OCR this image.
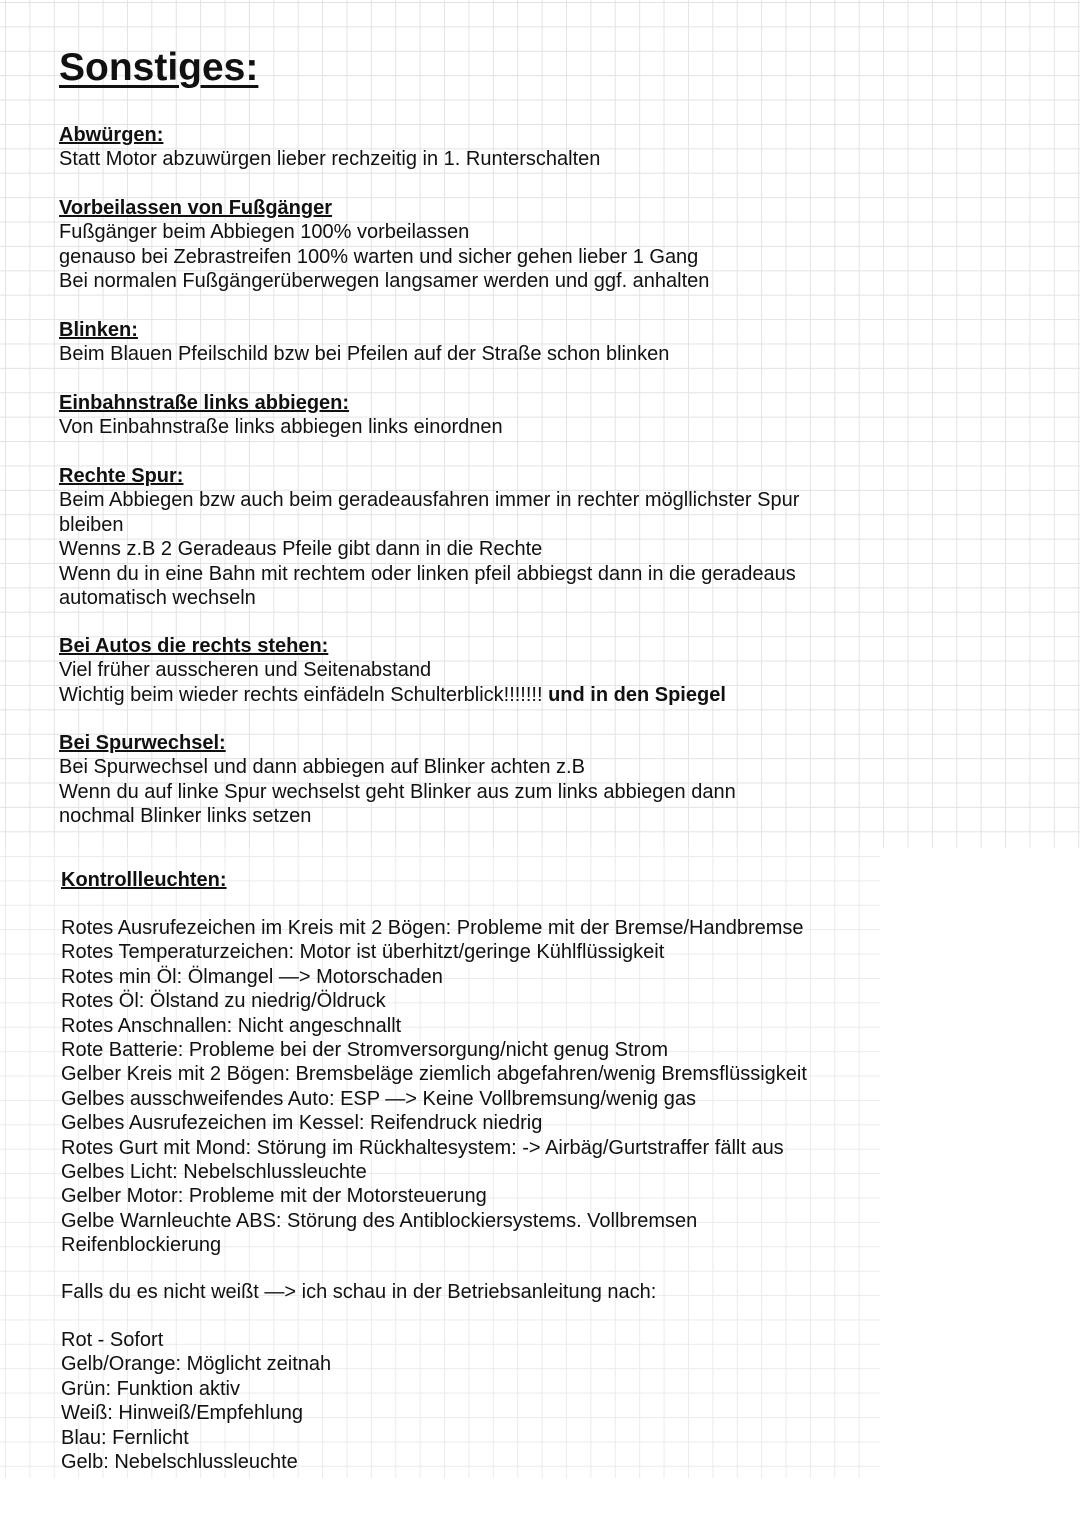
Sonstiges:
Abwürgen:
Statt Motor abzuwürgen lieber rechzeitig in 1. Runterschalten
Vorbeilassen von Fußgänger
Fußgänger beim Abbiegen 100% vorbeilassen
genauso bei Zebrastreifen 100% warten und sicher gehen lieber 1 Gang
Bei normalen Fußgängerüberwegen langsamer werden und ggf. anhalten
Blinken:
Beim Blauen Pfeilschild bzw bei Pfeilen auf der Straße schon blinken
Einbahnstraße links abbiegen:
Von Einbahnstraße links abbiegen links einordnen
Rechte Spur:
Beim Abbiegen bzw auch beim geradeausfahren immer in rechter mögllichster Spur
bleiben
Wenns z.B 2 Geradeaus Pfeile gibt dann in die Rechte
Wenn du in eine Bahn mit rechtem oder linken pfeil abbiegst dann in die geradeaus
automatisch wechseln
Bei Autos die rechts stehen:
Viel früher ausscheren und Seitenabstand
Wichtig beim wieder rechts einfädeln Schulterblick!!!!!!! und in den Spiegel
Bei Spurwechsel:
Bei Spurwechsel und dann abbiegen auf Blinker achten z.B
Wenn du auf linke Spur wechselst geht Blinker aus zum links abbiegen dann
nochmal Blinker links setzen
Kontrollleuchten:
Rotes Ausrufezeichen im Kreis mit 2 Bögen: Probleme mit der Bremse/Handbremse
Rotes Temperaturzeichen: Motor ist überhitzt/geringe Kühlflüssigkeit
Rotes min Öl: Ölmangel —> Motorschaden
Rotes Öl: Ölstand zu niedrig/Öldruck
Rotes Anschnallen: Nicht angeschnallt
Rote Batterie: Probleme bei der Stromversorgung/nicht genug Strom
Gelber Kreis mit 2 Bögen: Bremsbeläge ziemlich abgefahren/wenig Bremsflüssigkeit
Gelbes ausschweifendes Auto: ESP —> Keine Vollbremsung/wenig gas
Gelbes Ausrufezeichen im Kessel: Reifendruck niedrig
Rotes Gurt mit Mond: Störung im Rückhaltesystem: -> Airbäg/Gurtstraffer fällt aus
Gelbes Licht: Nebelschlussleuchte
Gelber Motor: Probleme mit der Motorsteuerung
Gelbe Warnleuchte ABS: Störung des Antiblockiersystems. Vollbremsen
Reifenblockierung
Falls du es nicht weißt —> ich schau in der Betriebsanleitung nach:
Rot - Sofort
Gelb/Orange: Möglicht zeitnah
Grün: Funktion aktiv
Weiß: Hinweiß/Empfehlung
Blau: Fernlicht
Gelb: Nebelschlussleuchte
